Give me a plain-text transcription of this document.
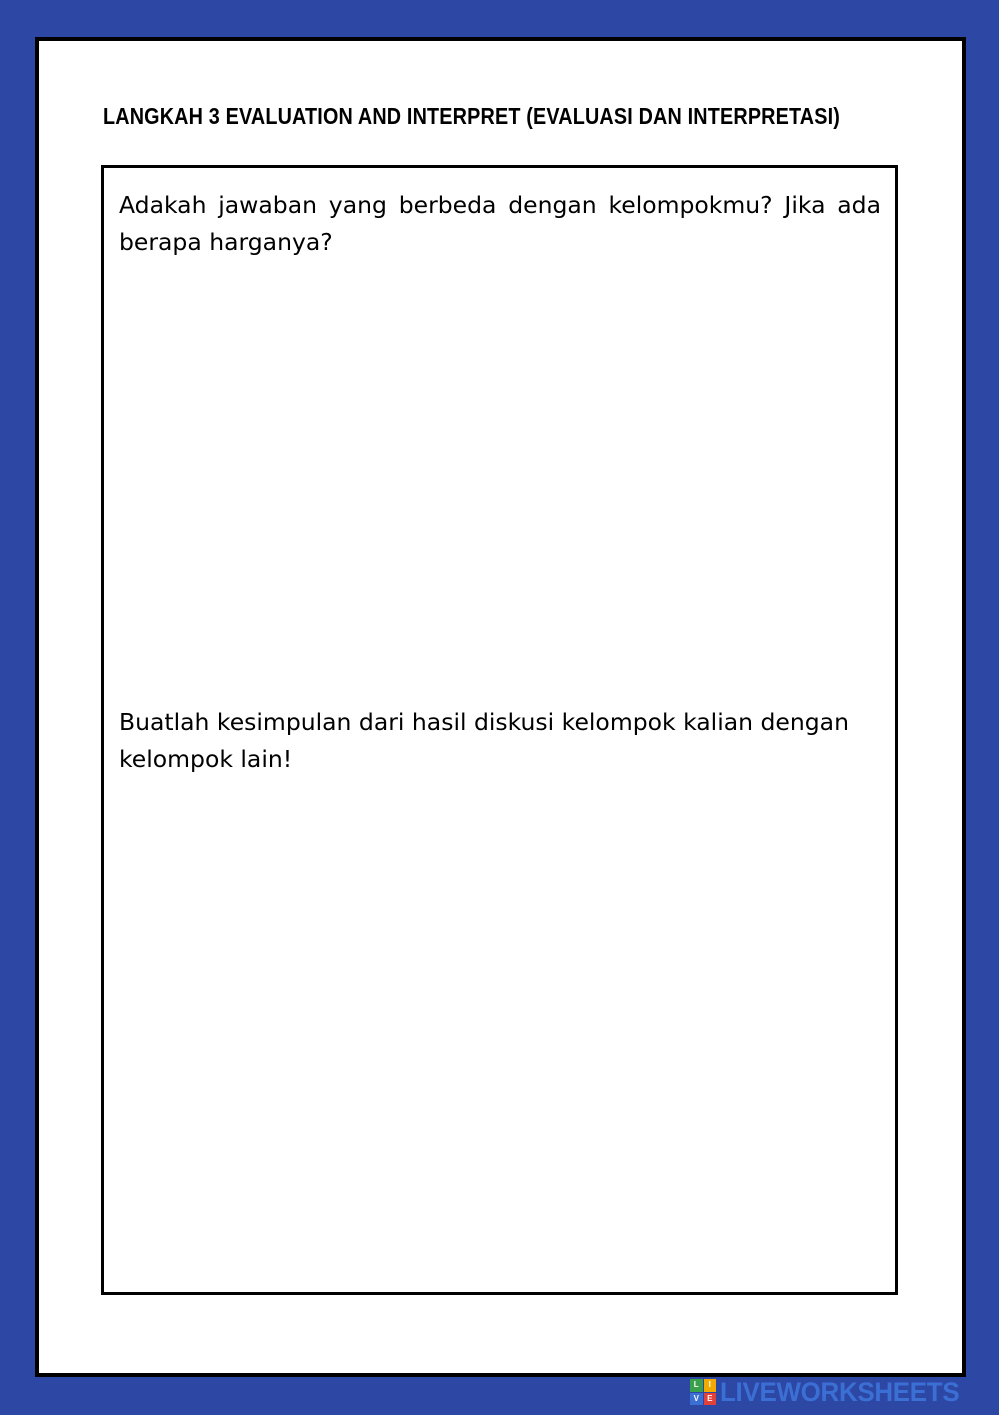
LANGKAH 3 EVALUATION AND INTERPRET (EVALUASI DAN INTERPRETASI)

Adakah jawaban yang berbeda dengan kelompokmu? Jika ada berapa harganya?

Buatlah kesimpulan dari hasil diskusi kelompok kalian dengan kelompok lain!

L	I
V	E LIVEWORKSHEETS
